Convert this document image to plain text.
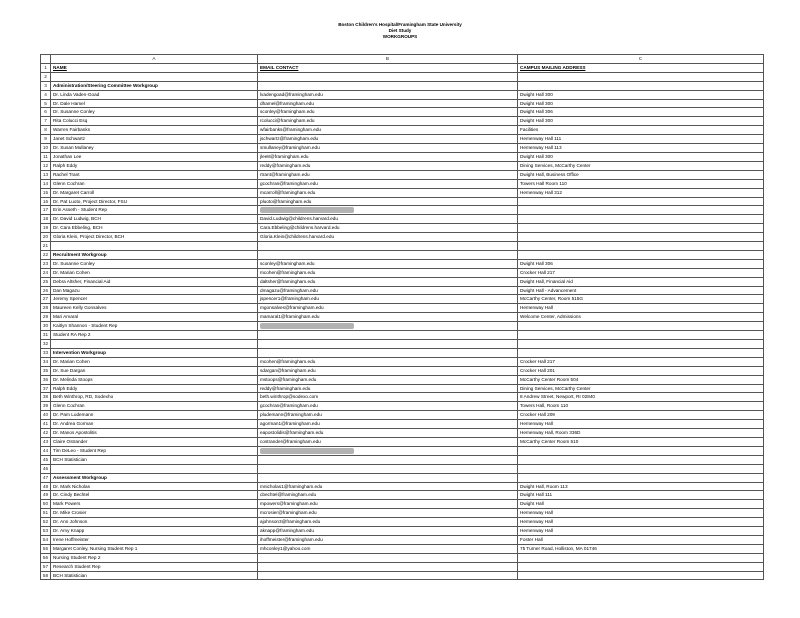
Boston Children's Hospital/Framingham State University
Diet Study
WORKGROUPS
	A	B	C
1	NAME	EMAIL CONTACT	CAMPUS MAILING ADDRESS
2			
3	Administration/Steering Committee Workgroup		
4	Dr. Linda Vaden-Goad	lvadengoad@framingham.edu	Dwight Hall 300
5	Dr. Dale Hamel	dhamel@framingham.edu	Dwight Hall 300
6	Dr. Susanne Conley	sconley@framingham.edu	Dwight Hall 306
7	Rita Colucci Esq	rcolucci@framingham.edu	Dwight Hall 300
8	Warren Fairbanks	wfairbanks@framingham.edu	Facilities
9	Janet Schwartz	jschwartz@framingham.edu	Hemenway Hall 111
10	Dr. Susan Mullaney	smullaney@framingham.edu	Hemenway Hall 113
11	Jonathan Lee	jlee8@framingham.edu	Dwight Hall 300
12	Ralph Eddy	reddy@framingham.edu	Dining Services, McCarthy Center
13	Rachel Trant	rtrant@framingham.edu	Dwight Hall, Business Office
14	Glenn Cochran	gcochran@framingham.edu	Towers Hall Room 110
15	Dr. Margaret Carroll	mcarroll@framingham.edu	Hemenway Hall 312
16	Dr. Pat Luoto, Project Director, FSU	pluoto@framingham.edu	
17	Erin Asseth - Student Rep		
18	Dr. David Ludwig, BCH	David.Ludwig@childrens.harvard.edu	
19	Dr. Cara Ebbeling, BCH	Cara.Ebbeling@childrens.harvard.edu	
20	Gloria Klein, Project Director, BCH	Gloria.Klein@childrens.harvard.edu	
21			
22	Recruitment Workgroup		
23	Dr. Susanne Conley	sconley@framingham.edu	Dwight Hall 306
24	Dr. Marian Cohen	mcohen@framingham.edu	Crocker Hall 217
25	Debra Altsher, Financial Aid	daltsher@framingham.edu	Dwight Hall, Financial Aid
26	Dan Magazu	dmagazu@framingham.edu	Dwight Hall - Advancement
27	Jeremy Spencer	jspencer1@framingham.edu	McCarthy Center, Room 515G
28	Maureen Kelly Gonsalves	mgonsalves@framingham.edu	Hemenway Hall
29	Mari Amaral	mamaral1@framingham.edu	Welcome Center, Admissions
30	Kaitlyn Shannon - Student Rep		
31	Student RA Rep 2		
32			
33	Intervention Workgroup		
34	Dr. Marian Cohen	mcohen@framingham.edu	Crocker Hall 217
35	Dr. Sue Dargan	sdargan@framingham.edu	Crocker Hall 201
36	Dr. Melinda Stoops	mstoops@framingham.edu	McCarthy Center Room 504
37	Ralph Eddy	reddy@framingham.edu	Dining Services, McCarthy Center
38	Beth Winthrop, RD, Sodexho	beth.winthrop@sodexo.com	8 Andrew Street, Newport, RI 02840
39	Glenn Cochran	gcochran@framingham.edu	Towers Hall, Room 110
40	Dr. Pam Ludemann	pludemann@framingham.edu	Crocker Hall 209
41	Dr. Andrea Gorman	agorman1@framingham.edu	Hemenway Hall
42	Dr. Manos Apostolitis	eapostolidis@framingham.edu	Hemenway Hall, Room 336D
43	Claire Ostrander	costrander@framingham.edu	McCarthy Center Room 510
44	Tim DeLeo - Student Rep		
45	BCH Statistician		
46			
47	Assessment Workgroup		
48	Dr. Mark Nicholas	mnicholas1@framingham.edu	Dwight Hall, Room 113
49	Dr. Cindy Bechtel	cbechtel@framingham.edu	Dwight Hall 111
50	Mark Powers	mpowers@framingham.edu	Dwight Hall
51	Dr. Mike Crosier	mcrosier@framingham.edu	Hemenway Hall
52	Dr. Ann Johnson	ajohnson3@framingham.edu	Hemenway Hall
53	Dr. Amy Knapp	aknapp@framingham.edu	Hemenway Hall
54	Irene Hoffmeister	ihoffmeister@framingham.edu	Foster Hall
55	Margaret Conley, Nursing Student Rep 1	mhconley1@yahoo.com	75 Turner Road, Holliston, MA 01746
56	Nursing Student Rep 2		
57	Research Student Rep		
58	BCH Statistician		
